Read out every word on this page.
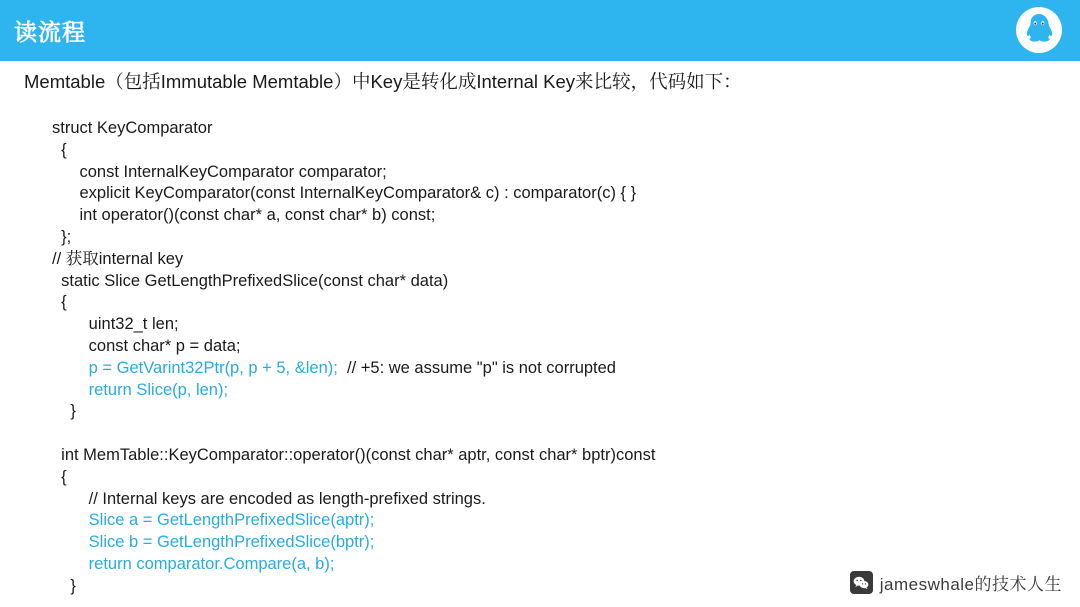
读流程
Memtable（包括Immutable Memtable）中Key是转化成Internal Key来比较，代码如下：
struct KeyComparator
{
const InternalKeyComparator comparator;
explicit KeyComparator(const InternalKeyComparator& c) : comparator(c) { }
int operator()(const char* a, const char* b) const;
};
// 获取internal key
static Slice GetLengthPrefixedSlice(const char* data)
{
uint32_t len;
const char* p = data;
p = GetVarint32Ptr(p, p + 5, &len);  // +5: we assume "p" is not corrupted
return Slice(p, len);
}
int MemTable::KeyComparator::operator()(const char* aptr, const char* bptr)const
{
// Internal keys are encoded as length-prefixed strings.
Slice a = GetLengthPrefixedSlice(aptr);
Slice b = GetLengthPrefixedSlice(bptr);
return comparator.Compare(a, b);
}	jameswhale的技术人生
